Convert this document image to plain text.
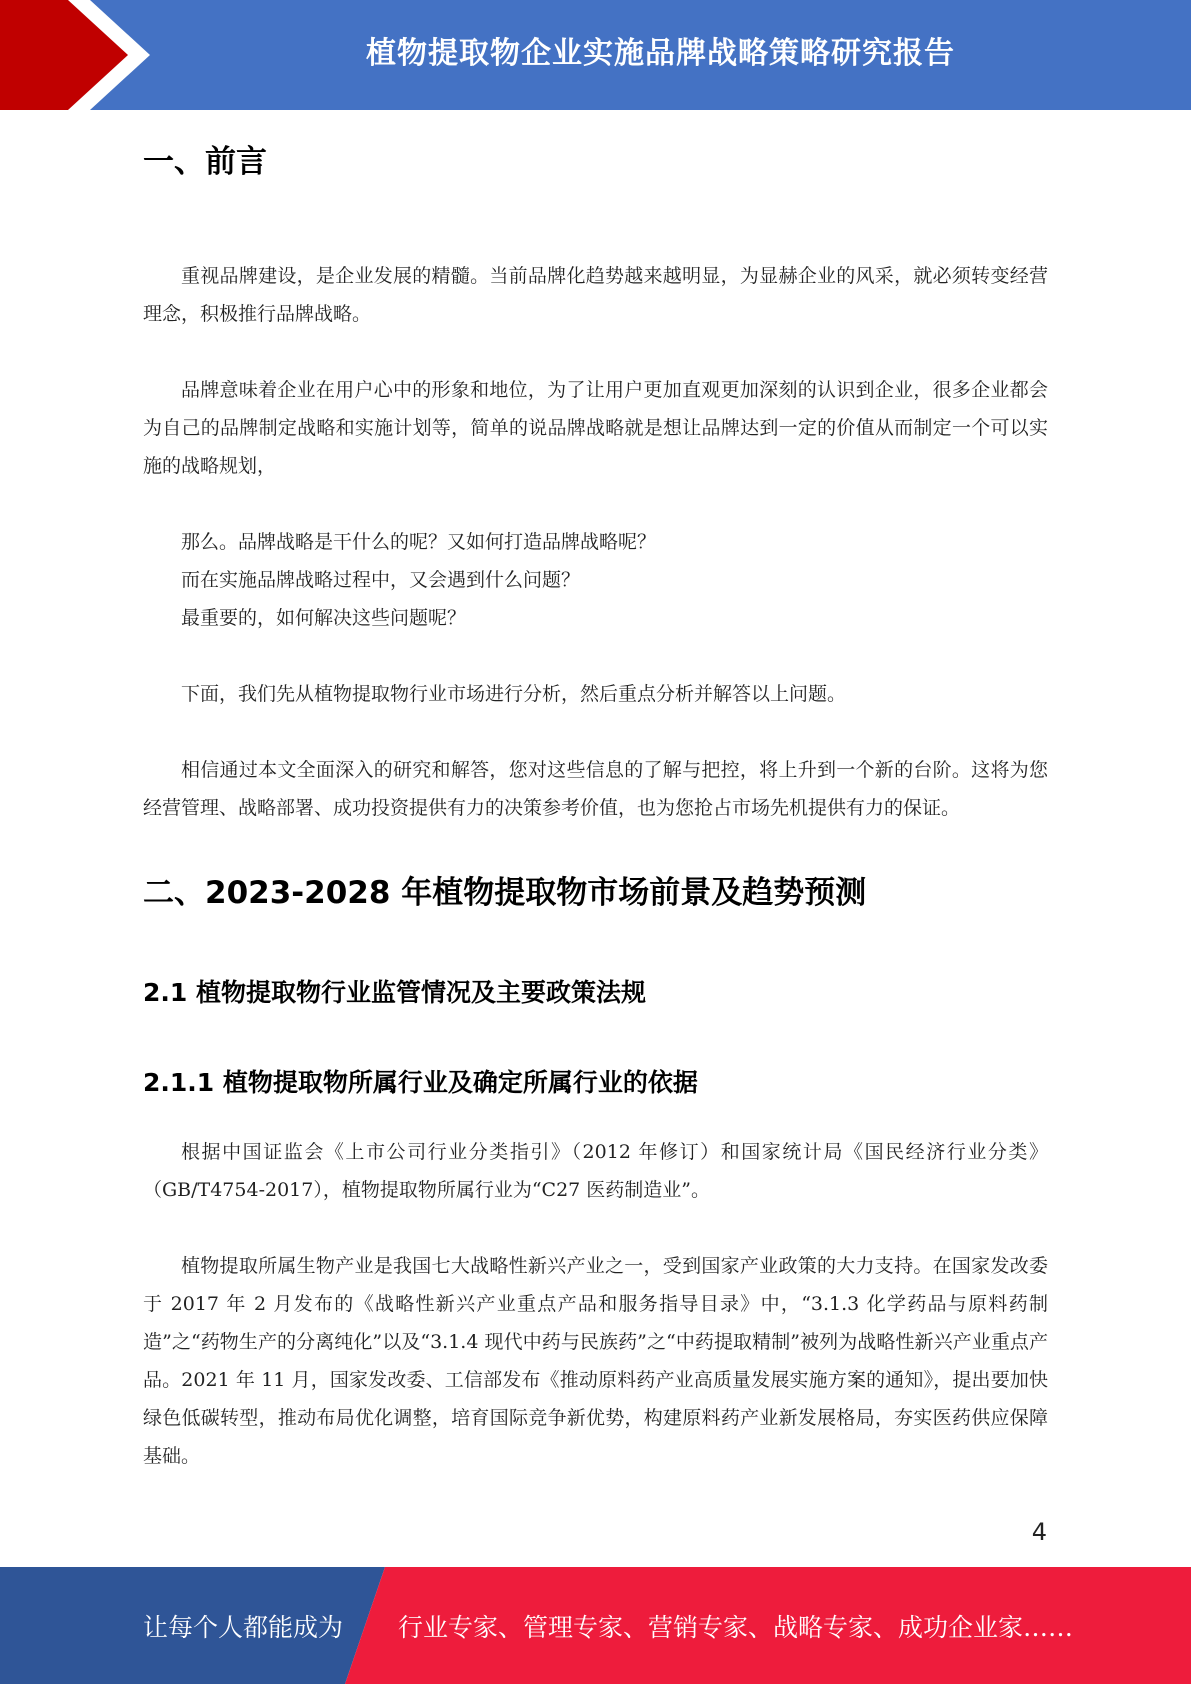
植物提取物企业实施品牌战略策略研究报告
一、前言

重视品牌建设，是企业发展的精髓。当前品牌化趋势越来越明显，为显赫企业的风采，就必须转变经营理念，积极推行品牌战略。

品牌意味着企业在用户心中的形象和地位，为了让用户更加直观更加深刻的认识到企业，很多企业都会为自己的品牌制定战略和实施计划等，简单的说品牌战略就是想让品牌达到一定的价值从而制定一个可以实施的战略规划，

那么。品牌战略是干什么的呢？又如何打造品牌战略呢？

而在实施品牌战略过程中，又会遇到什么问题？

最重要的，如何解决这些问题呢？

下面，我们先从植物提取物行业市场进行分析，然后重点分析并解答以上问题。

相信通过本文全面深入的研究和解答，您对这些信息的了解与把控，将上升到一个新的台阶。这将为您经营管理、战略部署、成功投资提供有力的决策参考价值，也为您抢占市场先机提供有力的保证。

二、2023-2028 年植物提取物市场前景及趋势预测
2.1 植物提取物行业监管情况及主要政策法规
2.1.1 植物提取物所属行业及确定所属行业的依据

根据中国证监会《上市公司行业分类指引》（2012 年修订）和国家统计局《国民经济行业分类》（GB/T4754-2017），植物提取物所属行业为“C27 医药制造业”。

植物提取所属生物产业是我国七大战略性新兴产业之一，受到国家产业政策的大力支持。在国家发改委于 2017 年 2 月发布的《战略性新兴产业重点产品和服务指导目录》中，“3.1.3 化学药品与原料药制造”之“药物生产的分离纯化”以及“3.1.4 现代中药与民族药”之“中药提取精制”被列为战略性新兴产业重点产品。2021 年 11 月，国家发改委、工信部发布《推动原料药产业高质量发展实施方案的通知》，提出要加快绿色低碳转型，推动布局优化调整，培育国际竞争新优势，构建原料药产业新发展格局，夯实医药供应保障基础。

4
让每个人都能成为 行业专家、管理专家、营销专家、战略专家、成功企业家……
